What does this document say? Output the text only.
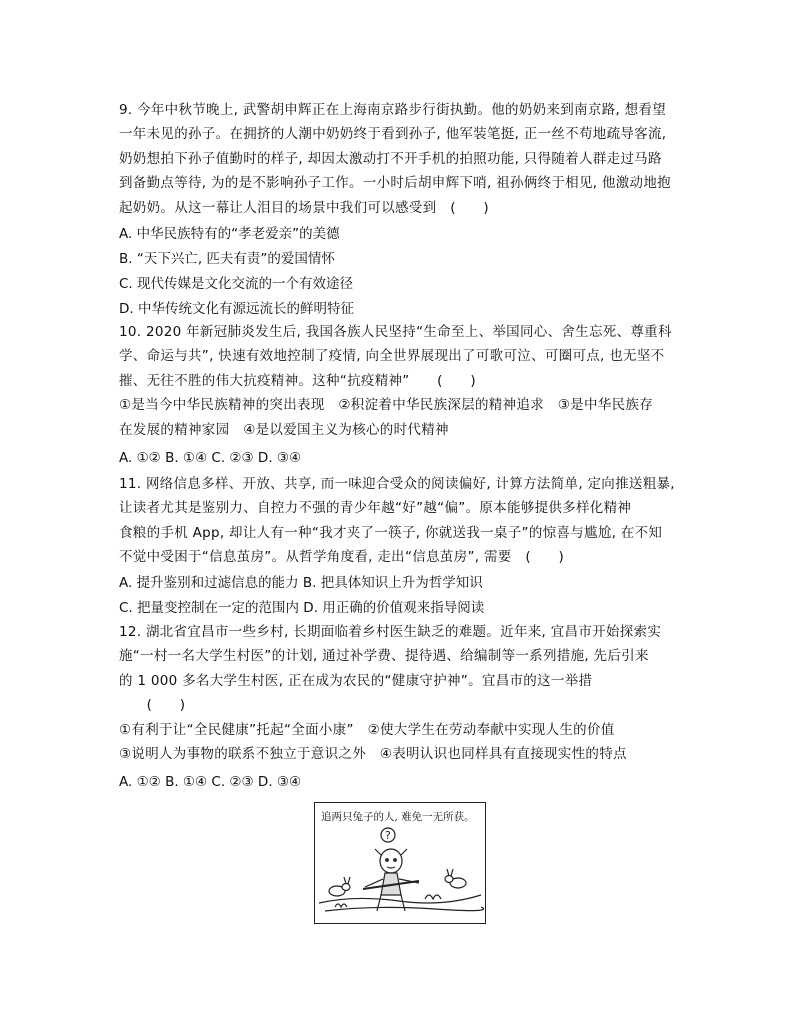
9. 今年中秋节晚上, 武警胡申辉正在上海南京路步行街执勤。他的奶奶来到南京路, 想看望
一年未见的孙子。在拥挤的人潮中奶奶终于看到孙子, 他军装笔挺, 正一丝不苟地疏导客流,
奶奶想拍下孙子值勤时的样子, 却因太激动打不开手机的拍照功能, 只得随着人群走过马路
到备勤点等待, 为的是不影响孙子工作。一小时后胡申辉下哨, 祖孙俩终于相见, 他激动地抱
起奶奶。从这一幕让人泪目的场景中我们可以感受到　(　　)
A. 中华民族特有的“孝老爱亲”的美德
B. “天下兴亡, 匹夫有责”的爱国情怀
C. 现代传媒是文化交流的一个有效途径
D. 中华传统文化有源远流长的鲜明特征
10. 2020 年新冠肺炎发生后, 我国各族人民坚持“生命至上、举国同心、舍生忘死、尊重科
学、命运与共”, 快速有效地控制了疫情, 向全世界展现出了可歌可泣、可圈可点, 也无坚不
摧、无往不胜的伟大抗疫精神。这种“抗疫精神”　　(　　)
①是当今中华民族精神的突出表现　②积淀着中华民族深层的精神追求　③是中华民族存
在发展的精神家园　④是以爱国主义为核心的时代精神
A. ①② B. ①④ C. ②③ D. ③④
11. 网络信息多样、开放、共享, 而一味迎合受众的阅读偏好, 计算方法简单, 定向推送粗暴,
让读者尤其是鉴别力、自控力不强的青少年越“好”越“偏”。原本能够提供多样化精神
食粮的手机 App, 却让人有一种“我才夹了一筷子, 你就送我一桌子”的惊喜与尴尬, 在不知
不觉中受困于“信息茧房”。从哲学角度看, 走出“信息茧房”, 需要　(　　)
A. 提升鉴别和过滤信息的能力 B. 把具体知识上升为哲学知识
C. 把量变控制在一定的范围内 D. 用正确的价值观来指导阅读
12. 湖北省宜昌市一些乡村, 长期面临着乡村医生缺乏的难题。近年来, 宜昌市开始探索实
施“一村一名大学生村医”的计划, 通过补学费、提待遇、给编制等一系列措施, 先后引来
的 1 000 多名大学生村医, 正在成为农民的“健康守护神”。宜昌市的这一举措
　　(　　)
①有利于让“全民健康”托起“全面小康”　②使大学生在劳动奉献中实现人生的价值
③说明人为事物的联系不独立于意识之外　④表明认识也同样具有直接现实性的特点
A. ①② B. ①④ C. ②③ D. ③④
追两只兔子的人, 难免一无所获。
?
